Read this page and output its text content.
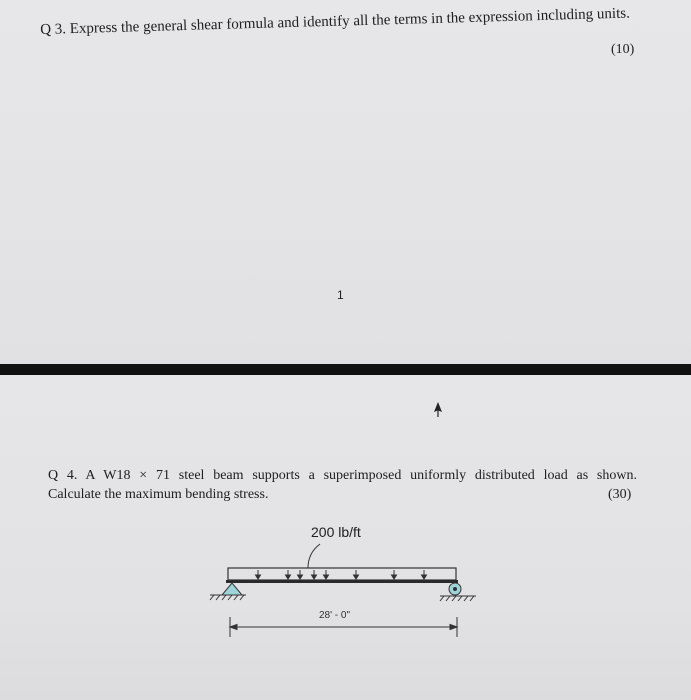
Q 3. Express the general shear formula and identify all the terms in the expression including units.
(10)
1
Q 4. A W18 × 71 steel beam supports a superimposed uniformly distributed load as shown.
Calculate the maximum bending stress.	(30)
200 lb/ft
28' - 0"
